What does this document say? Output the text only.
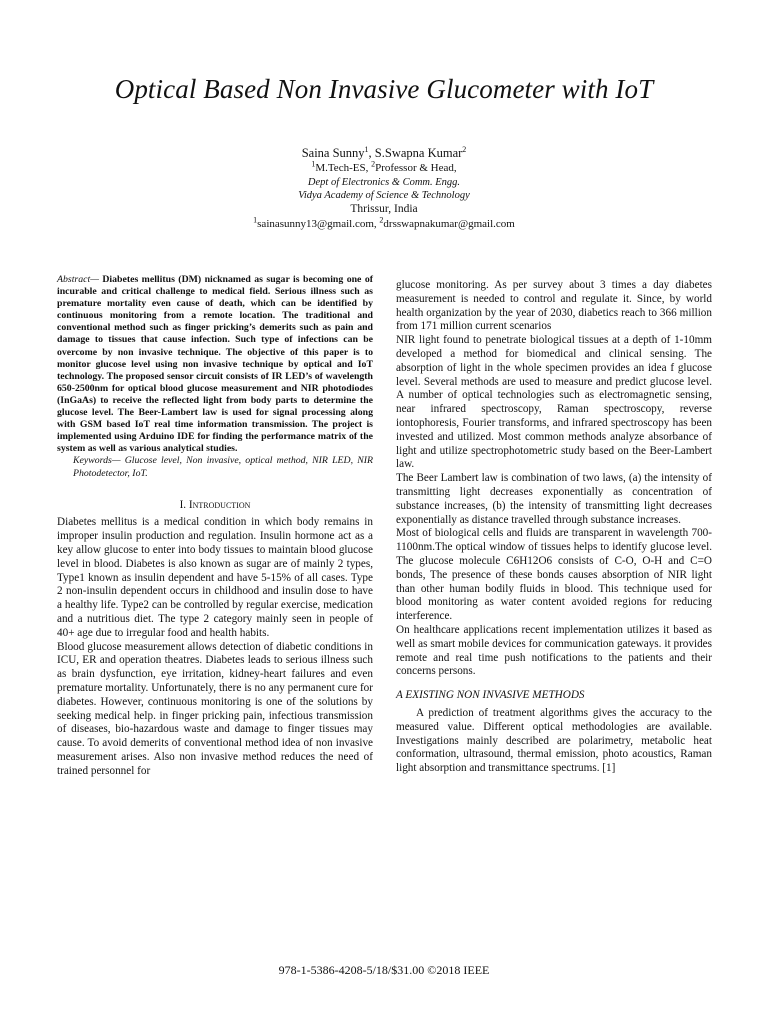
Optical Based Non Invasive Glucometer with IoT
Saina Sunny$^1$, S.Swapna Kumar$^2$
$^1$M.Tech-ES, $^2$Professor & Head,
Dept of Electronics & Comm. Engg.
Vidya Academy of Science & Technology
Thrissur, India
$^1$sainasunny13@gmail.com, $^2$drsswapnakumar@gmail.com

Abstract— Diabetes mellitus (DM) nicknamed as sugar is becoming one of incurable and critical challenge to medical field. Serious illness such as premature mortality even cause of death, which can be identified by continuous monitoring from a remote location. The traditional and conventional method such as finger pricking’s demerits such as pain and damage to tissues that cause infection. Such type of infections can be overcome by non invasive technique. The objective of this paper is to monitor glucose level using non invasive technique by optical and IoT technology. The proposed sensor circuit consists of IR LED’s of wavelength 650-2500nm for optical blood glucose measurement and NIR photodiodes (InGaAs) to receive the reflected light from body parts to determine the glucose level. The Beer-Lambert law is used for signal processing along with GSM based IoT real time information transmission. The project is implemented using Arduino IDE for finding the performance matrix of the system as well as various analytical studies.

Keywords— Glucose level, Non invasive, optical method, NIR LED, NIR Photodetector, IoT.

I. Introduction

Diabetes mellitus is a medical condition in which body remains in improper insulin production and regulation. Insulin hormone act as a key allow glucose to enter into body tissues to maintain blood glucose level in blood. Diabetes is also known as sugar are of mainly 2 types, Type1 known as insulin dependent and have 5-15% of all cases. Type 2 non-insulin dependent occurs in childhood and insulin dose to have a healthy life. Type2 can be controlled by regular exercise, medication and a nutritious diet. The type 2 category mainly seen in people of 40+ age due to irregular food and health habits.

Blood glucose measurement allows detection of diabetic conditions in ICU, ER and operation theatres. Diabetes leads to serious illness such as brain dysfunction, eye irritation, kidney-heart failures and even premature mortality. Unfortunately, there is no any permanent cure for diabetes. However, continuous monitoring is one of the solutions by seeking medical help. in finger pricking pain, infectious transmission of diseases, bio-hazardous waste and damage to finger tissues may cause. To avoid demerits of conventional method idea of non invasive measurement arises. Also non invasive method reduces the need of trained personnel for

glucose monitoring. As per survey about 3 times a day diabetes measurement is needed to control and regulate it. Since, by world health organization by the year of 2030, diabetics reach to 366 million from 171 million current scenarios

NIR light found to penetrate biological tissues at a depth of 1-10mm developed a method for biomedical and clinical sensing. The absorption of light in the whole specimen provides an idea f glucose level. Several methods are used to measure and predict glucose level. A number of optical technologies such as electromagnetic sensing, near infrared spectroscopy, Raman spectroscopy, reverse iontophoresis, Fourier transforms, and infrared spectroscopy has been invested and utilized. Most common methods analyze absorbance of light and utilize spectrophotometric study based on the Beer-Lambert law.

The Beer Lambert law is combination of two laws, (a) the intensity of transmitting light decreases exponentially as concentration of substance increases, (b) the intensity of transmitting light decreases exponentially as distance travelled through substance increases.

Most of biological cells and fluids are transparent in wavelength 700-1100nm.The optical window of tissues helps to identify glucose level. The glucose molecule C6H12O6 consists of C-O, O-H and C=O bonds, The presence of these bonds causes absorption of NIR light than other human bodily fluids in blood. This technique used for blood monitoring as water content avoided regions for reducing interference.

On healthcare applications recent implementation utilizes it based as well as smart mobile devices for communication gateways. it provides remote and real time push notifications to the patients and their concerns persons.

A EXISTING NON INVASIVE METHODS

A prediction of treatment algorithms gives the accuracy to the measured value. Different optical methodologies are available. Investigations mainly described are polarimetry, metabolic heat conformation, ultrasound, thermal emission, photo acoustics, Raman light absorption and transmittance spectrums. [1]

978-1-5386-4208-5/18/$31.00 ©2018 IEEE
